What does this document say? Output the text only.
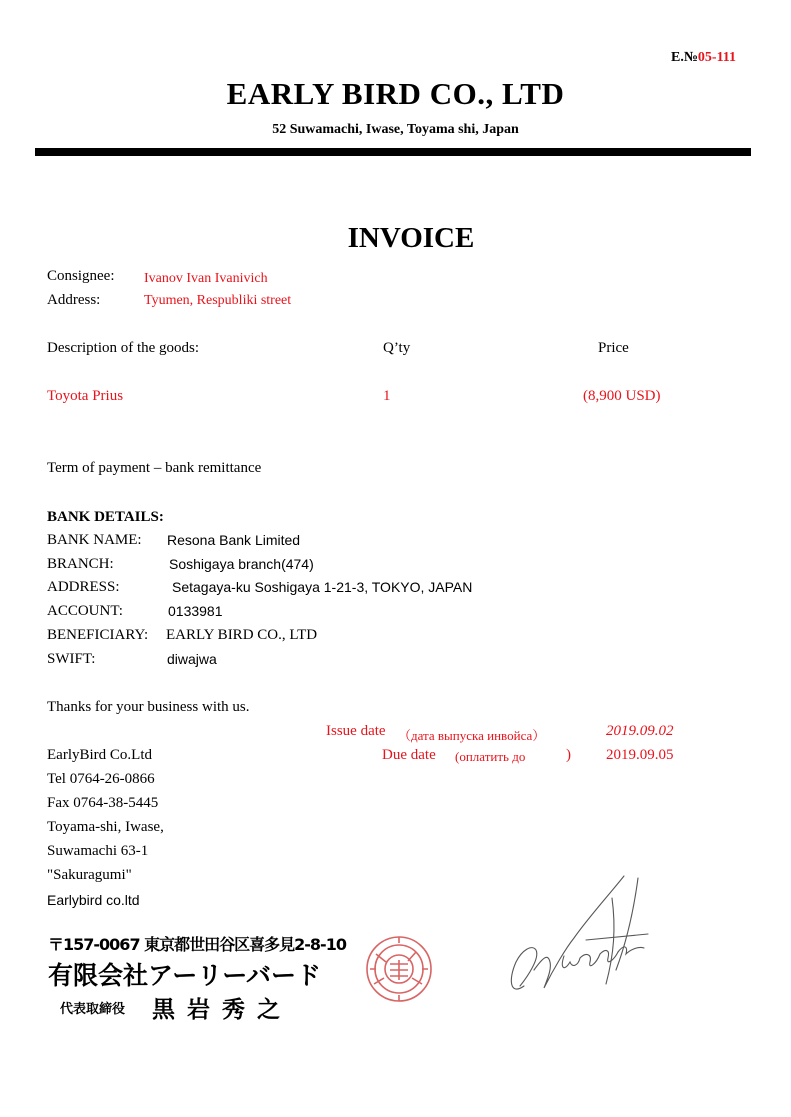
E.№05-111
EARLY BIRD CO., LTD
52 Suwamachi, Iwase, Toyama shi, Japan
INVOICE
Consignee: Ivanov Ivan Ivanivich
Address:	Tyumen, Respubliki street
Description of the goods:	Q’ty	Price
Toyota Prius	1	(8,900 USD)
Term of payment – bank remittance
BANK DETAILS:
BANK NAME: Resona Bank Limited
BRANCH:	Soshigaya branch(474)
ADDRESS:	Setagaya-ku Soshigaya 1-21-3, TOKYO, JAPAN
ACCOUNT:	0133981
BENEFICIARY: EARLY BIRD CO., LTD
SWIFT:	diwajwa
Thanks for your business with us.
Issue date （дата выпуска инвойса）	2019.09.02
Due date (оплатить до	) 2019.09.05
EarlyBird Co.Ltd
Tel 0764-26-0866
Fax 0764-38-5445
Toyama-shi, Iwase,
Suwamachi 63-1
"Sakuragumi"
Earlybird co.ltd
〒157-0067 東京都世田谷区喜多見2-8-10
有限会社アーリーバード
代表取締役 黒 岩 秀 之
